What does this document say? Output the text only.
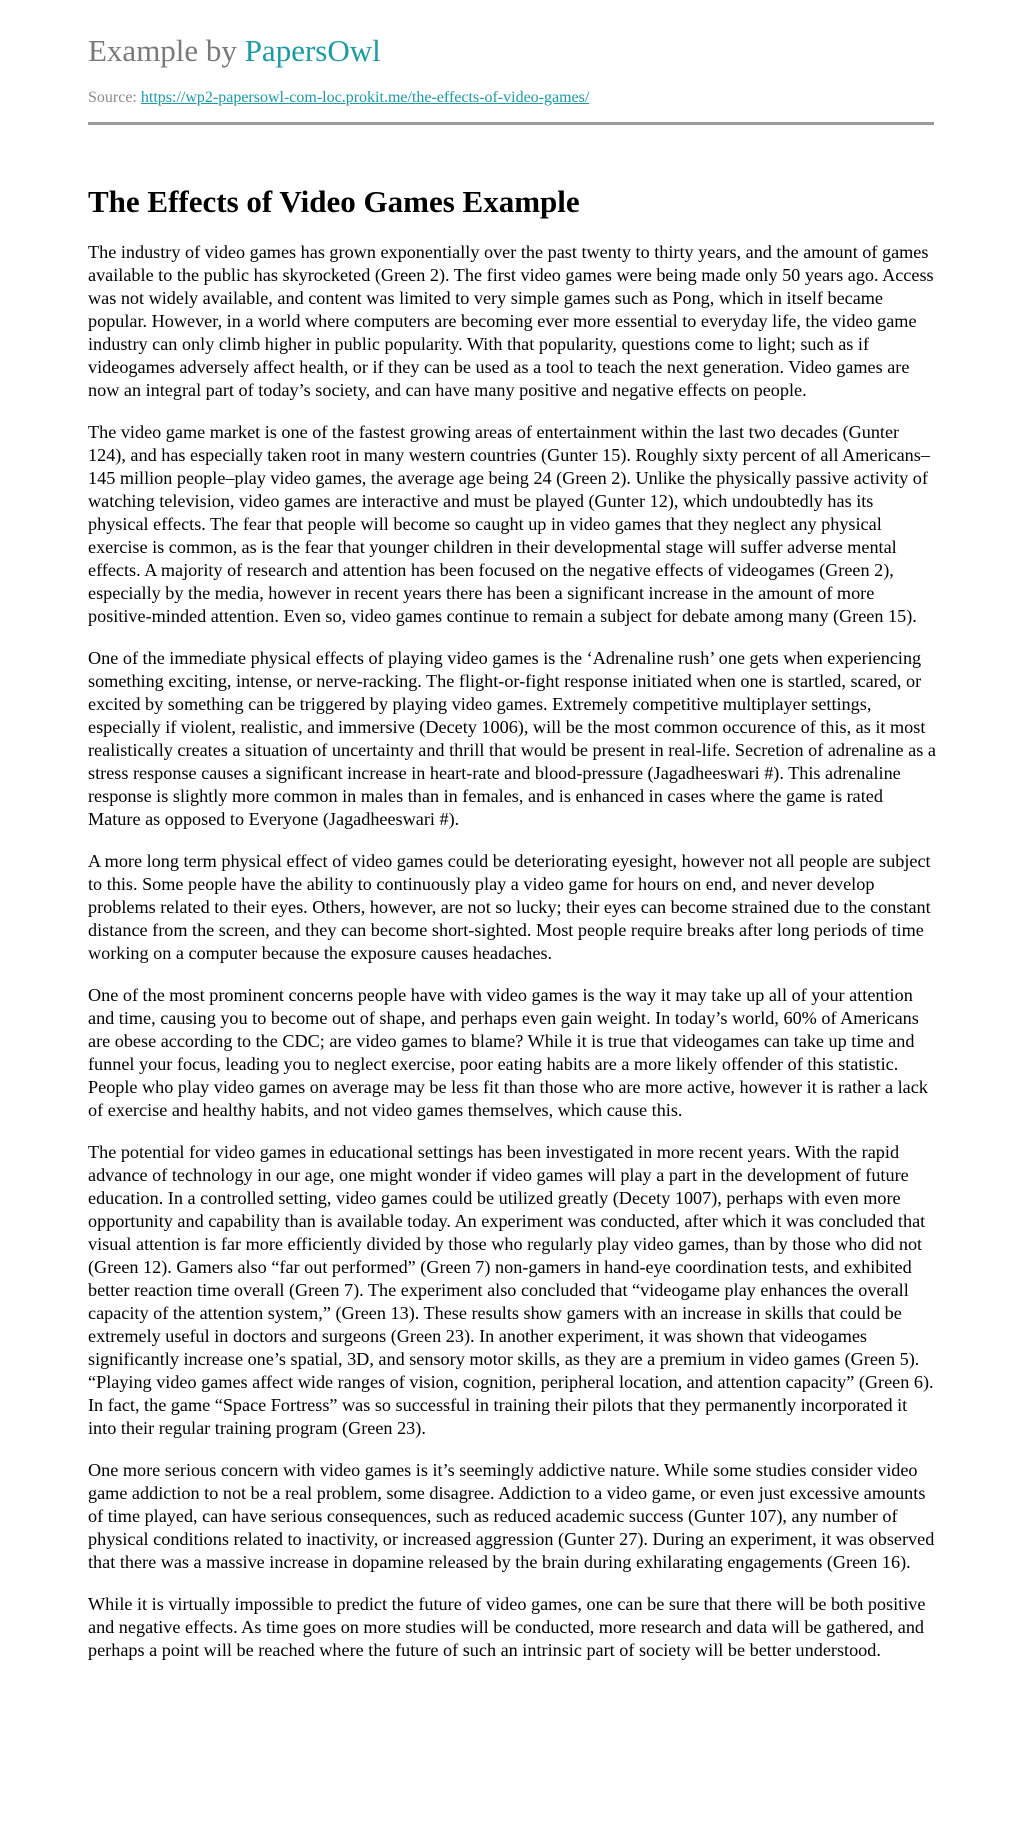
Example by PapersOwl
Source: https://wp2-papersowl-com-loc.prokit.me/the-effects-of-video-games/
The Effects of Video Games Example

The industry of video games has grown exponentially over the past twenty to thirty years, and the amount of games available to the public has skyrocketed (Green 2). The first video games were being made only 50 years ago. Access was not widely available, and content was limited to very simple games such as Pong, which in itself became popular. However, in a world where computers are becoming ever more essential to everyday life, the video game industry can only climb higher in public popularity. With that popularity, questions come to light; such as if videogames adversely affect health, or if they can be used as a tool to teach the next generation. Video games are now an integral part of today’s society, and can have many positive and negative effects on people.

The video game market is one of the fastest growing areas of entertainment within the last two decades (Gunter 124), and has especially taken root in many western countries (Gunter 15). Roughly sixty percent of all Americans–145 million people–play video games, the average age being 24 (Green 2). Unlike the physically passive activity of watching television, video games are interactive and must be played (Gunter 12), which undoubtedly has its physical effects. The fear that people will become so caught up in video games that they neglect any physical exercise is common, as is the fear that younger children in their developmental stage will suffer adverse mental effects. A majority of research and attention has been focused on the negative effects of videogames (Green 2), especially by the media, however in recent years there has been a significant increase in the amount of more positive-minded attention. Even so, video games continue to remain a subject for debate among many (Green 15).

One of the immediate physical effects of playing video games is the ‘Adrenaline rush’ one gets when experiencing something exciting, intense, or nerve-racking. The flight-or-fight response initiated when one is startled, scared, or excited by something can be triggered by playing video games. Extremely competitive multiplayer settings, especially if violent, realistic, and immersive (Decety 1006), will be the most common occurence of this, as it most realistically creates a situation of uncertainty and thrill that would be present in real-life. Secretion of adrenaline as a stress response causes a significant increase in heart-rate and blood-pressure (Jagadheeswari #). This adrenaline response is slightly more common in males than in females, and is enhanced in cases where the game is rated Mature as opposed to Everyone (Jagadheeswari #).

A more long term physical effect of video games could be deteriorating eyesight, however not all people are subject to this. Some people have the ability to continuously play a video game for hours on end, and never develop problems related to their eyes. Others, however, are not so lucky; their eyes can become strained due to the constant distance from the screen, and they can become short-sighted. Most people require breaks after long periods of time working on a computer because the exposure causes headaches.

One of the most prominent concerns people have with video games is the way it may take up all of your attention and time, causing you to become out of shape, and perhaps even gain weight. In today’s world, 60% of Americans are obese according to the CDC; are video games to blame? While it is true that videogames can take up time and funnel your focus, leading you to neglect exercise, poor eating habits are a more likely offender of this statistic. People who play video games on average may be less fit than those who are more active, however it is rather a lack of exercise and healthy habits, and not video games themselves, which cause this.

The potential for video games in educational settings has been investigated in more recent years. With the rapid advance of technology in our age, one might wonder if video games will play a part in the development of future education. In a controlled setting, video games could be utilized greatly (Decety 1007), perhaps with even more opportunity and capability than is available today. An experiment was conducted, after which it was concluded that visual attention is far more efficiently divided by those who regularly play video games, than by those who did not (Green 12). Gamers also “far out performed” (Green 7) non-gamers in hand-eye coordination tests, and exhibited better reaction time overall (Green 7). The experiment also concluded that “videogame play enhances the overall capacity of the attention system,” (Green 13). These results show gamers with an increase in skills that could be extremely useful in doctors and surgeons (Green 23). In another experiment, it was shown that videogames significantly increase one’s spatial, 3D, and sensory motor skills, as they are a premium in video games (Green 5). “Playing video games affect wide ranges of vision, cognition, peripheral location, and attention capacity” (Green 6). In fact, the game “Space Fortress” was so successful in training their pilots that they permanently incorporated it into their regular training program (Green 23).

One more serious concern with video games is it’s seemingly addictive nature. While some studies consider video game addiction to not be a real problem, some disagree. Addiction to a video game, or even just excessive amounts of time played, can have serious consequences, such as reduced academic success (Gunter 107), any number of physical conditions related to inactivity, or increased aggression (Gunter 27). During an experiment, it was observed that there was a massive increase in dopamine released by the brain during exhilarating engagements (Green 16).

While it is virtually impossible to predict the future of video games, one can be sure that there will be both positive and negative effects. As time goes on more studies will be conducted, more research and data will be gathered, and perhaps a point will be reached where the future of such an intrinsic part of society will be better understood.
